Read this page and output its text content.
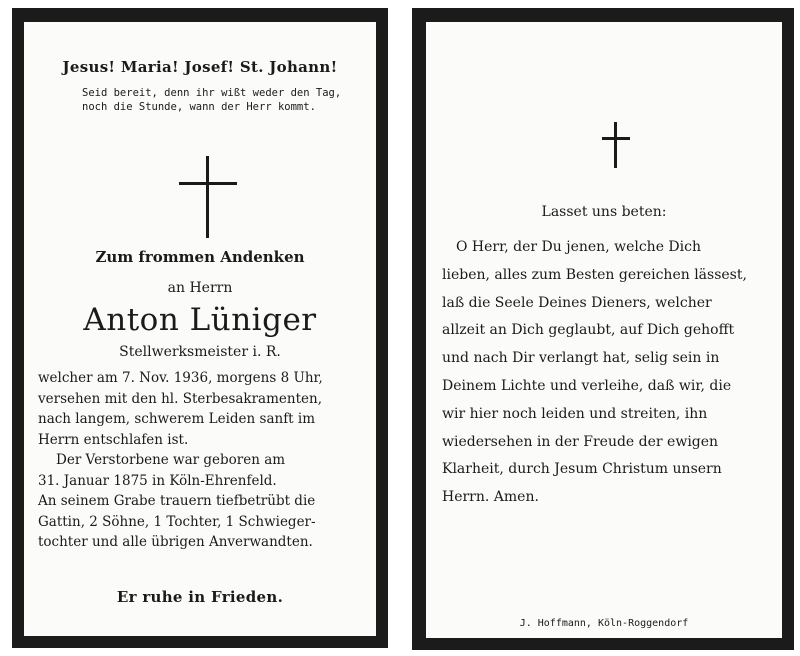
Jesus! Maria! Josef! St. Johann!
Seid bereit, denn ihr wißt weder den Tag,
noch die Stunde, wann der Herr kommt.
Zum frommen Andenken
an Herrn
Anton Lüniger
Stellwerksmeister i. R.
welcher am 7. Nov. 1936, morgens 8 Uhr,
versehen mit den hl. Sterbesakramenten,
nach langem, schwerem Leiden sanft im
Herrn entschlafen ist.
Der Verstorbene war geboren am
31. Januar 1875 in Köln-Ehrenfeld.
An seinem Grabe trauern tiefbetrübt die
Gattin, 2 Söhne, 1 Tochter, 1 Schwieger-
tochter und alle übrigen Anverwandten.
Er ruhe in Frieden.
Lasset uns beten:
O Herr, der Du jenen, welche Dich
lieben, alles zum Besten gereichen lässest,
laß die Seele Deines Dieners, welcher
allzeit an Dich geglaubt, auf Dich gehofft
und nach Dir verlangt hat, selig sein in
Deinem Lichte und verleihe, daß wir, die
wir hier noch leiden und streiten, ihn
wiedersehen in der Freude der ewigen
Klarheit, durch Jesum Christum unsern
Herrn. Amen.
J. Hoffmann, Köln-Roggendorf
